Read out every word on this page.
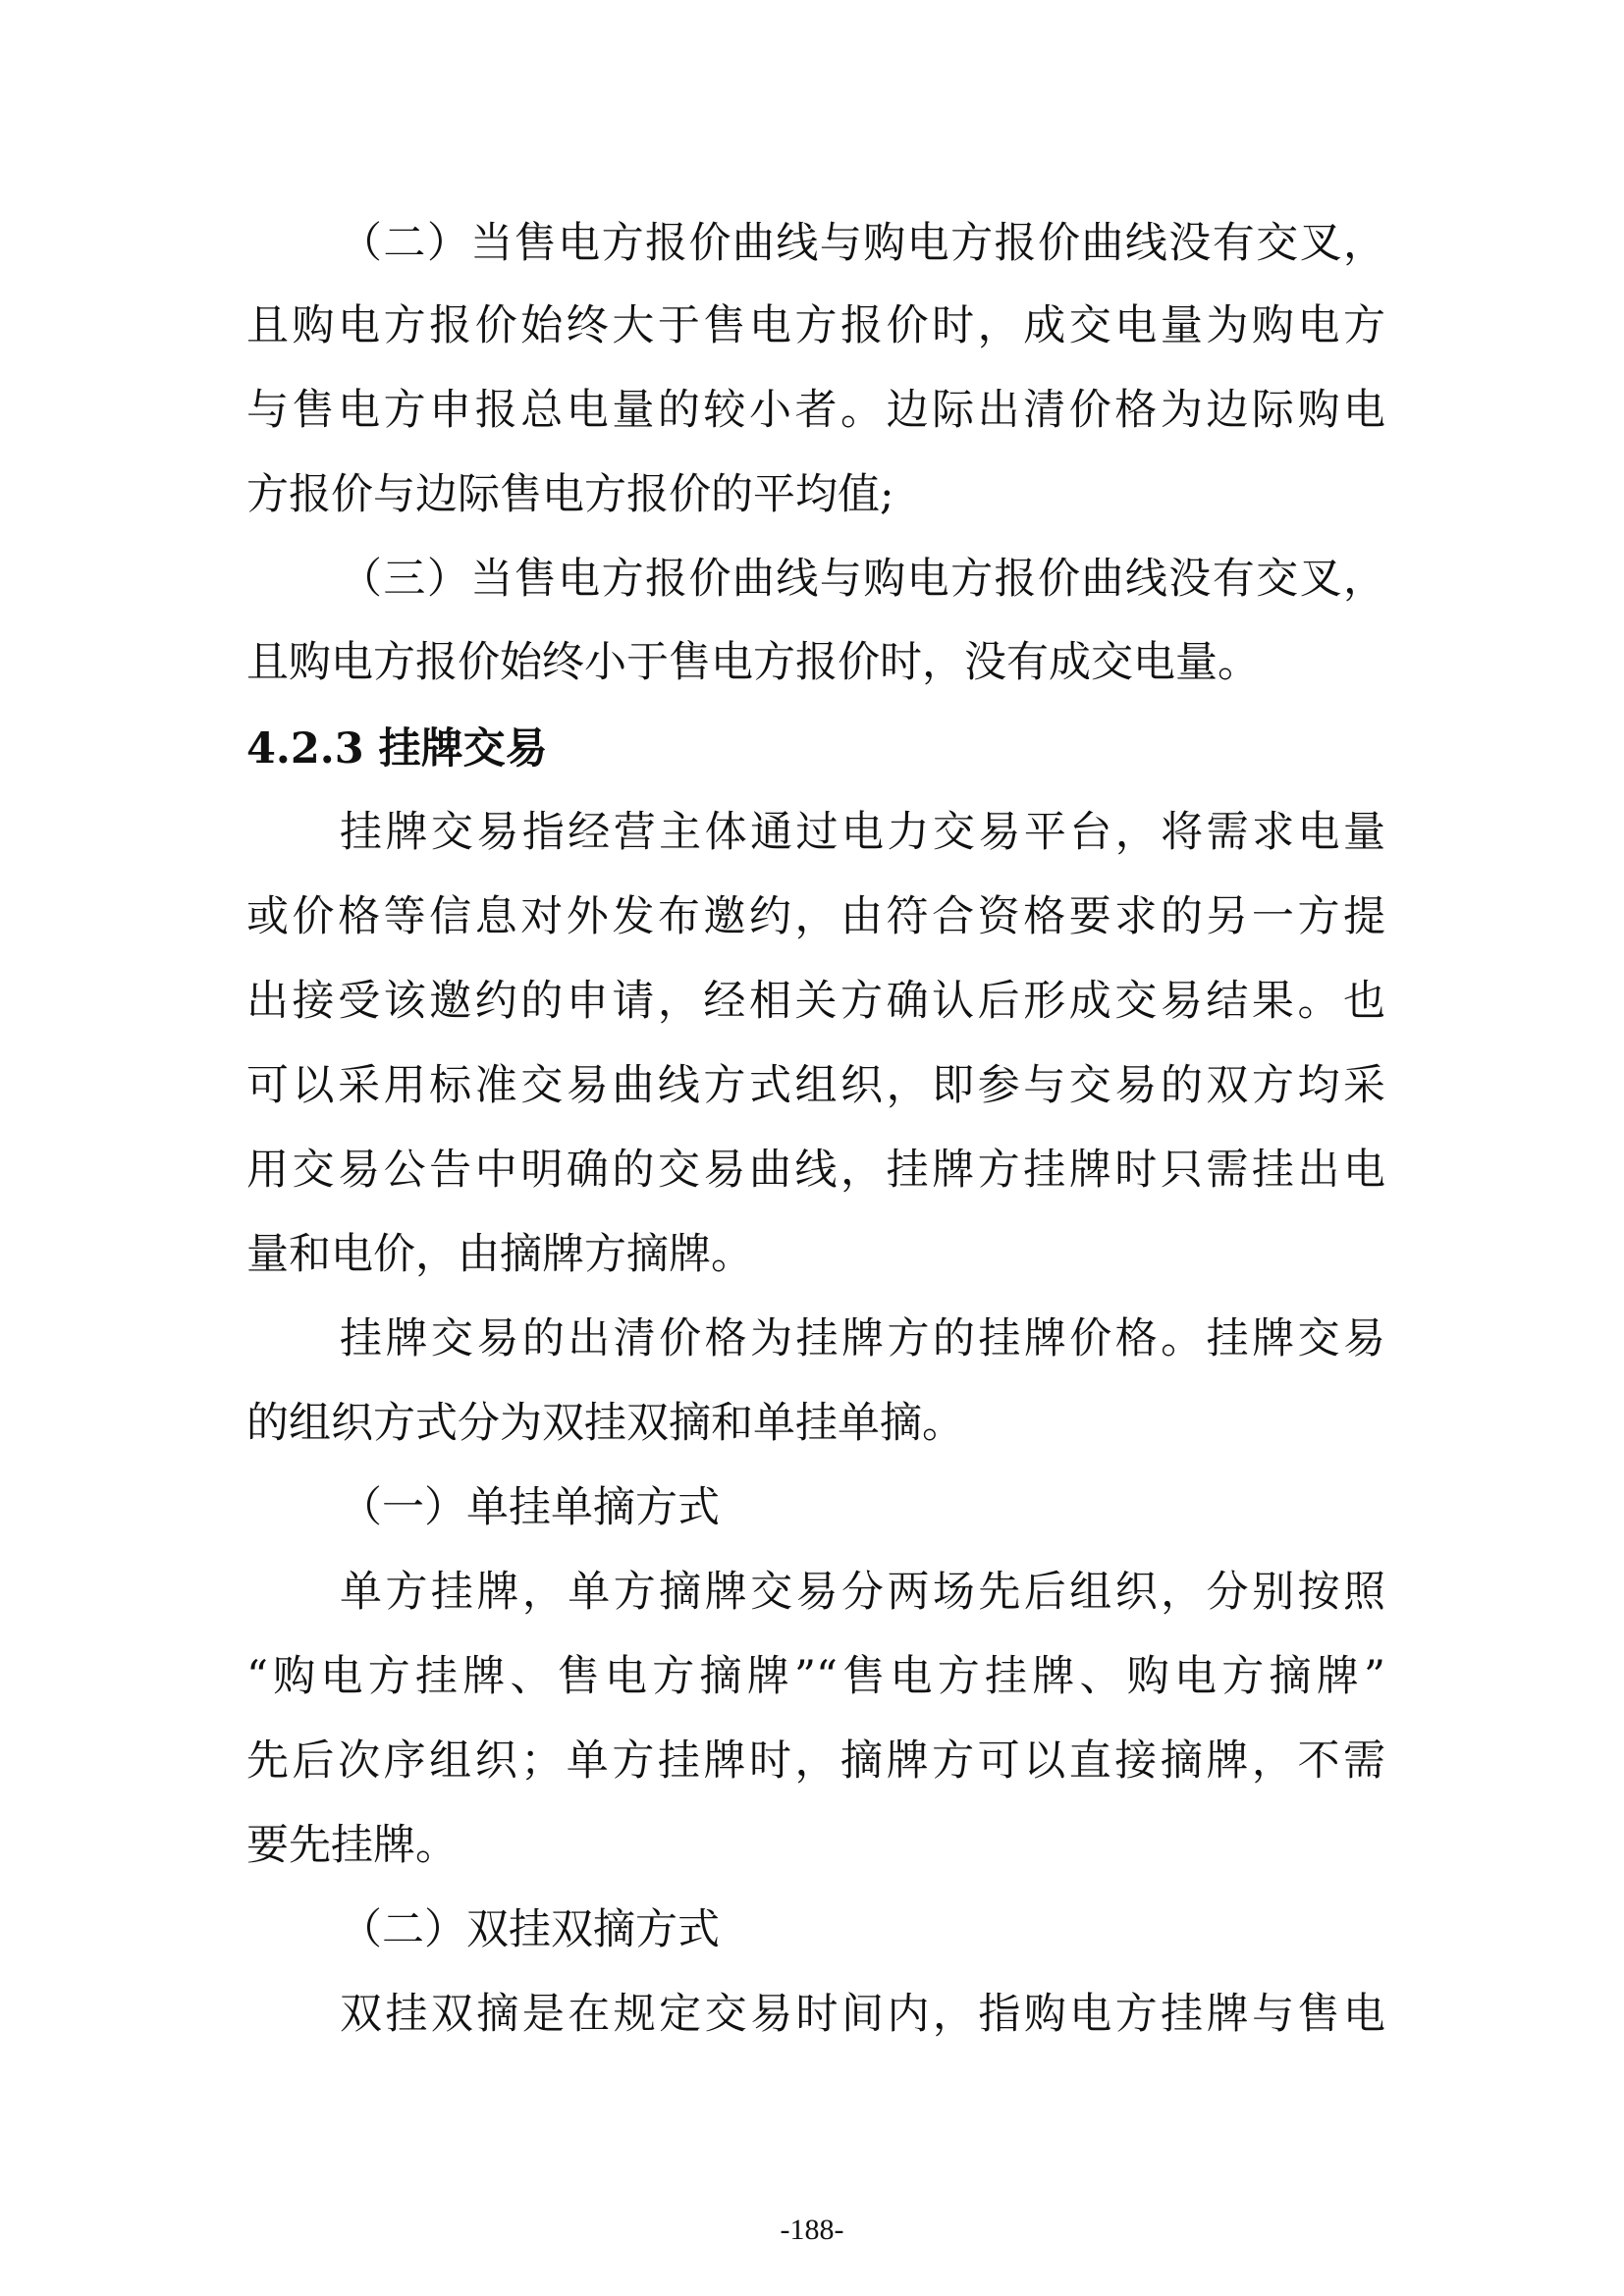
（二）当售电方报价曲线与购电方报价曲线没有交叉，
且购电方报价始终大于售电方报价时，成交电量为购电方
与售电方申报总电量的较小者。边际出清价格为边际购电
方报价与边际售电方报价的平均值;
（三）当售电方报价曲线与购电方报价曲线没有交叉，
且购电方报价始终小于售电方报价时，没有成交电量。
4.2.3 挂牌交易
挂牌交易指经营主体通过电力交易平台，将需求电量
或价格等信息对外发布邀约，由符合资格要求的另一方提
出接受该邀约的申请，经相关方确认后形成交易结果。也
可以采用标准交易曲线方式组织，即参与交易的双方均采
用交易公告中明确的交易曲线，挂牌方挂牌时只需挂出电
量和电价，由摘牌方摘牌。
挂牌交易的出清价格为挂牌方的挂牌价格。挂牌交易
的组织方式分为双挂双摘和单挂单摘。
（一）单挂单摘方式
单方挂牌，单方摘牌交易分两场先后组织，分别按照
“购电方挂牌、售电方摘牌”“售电方挂牌、购电方摘牌”
先后次序组织；单方挂牌时，摘牌方可以直接摘牌，不需
要先挂牌。
（二）双挂双摘方式
双挂双摘是在规定交易时间内，指购电方挂牌与售电
-188-
